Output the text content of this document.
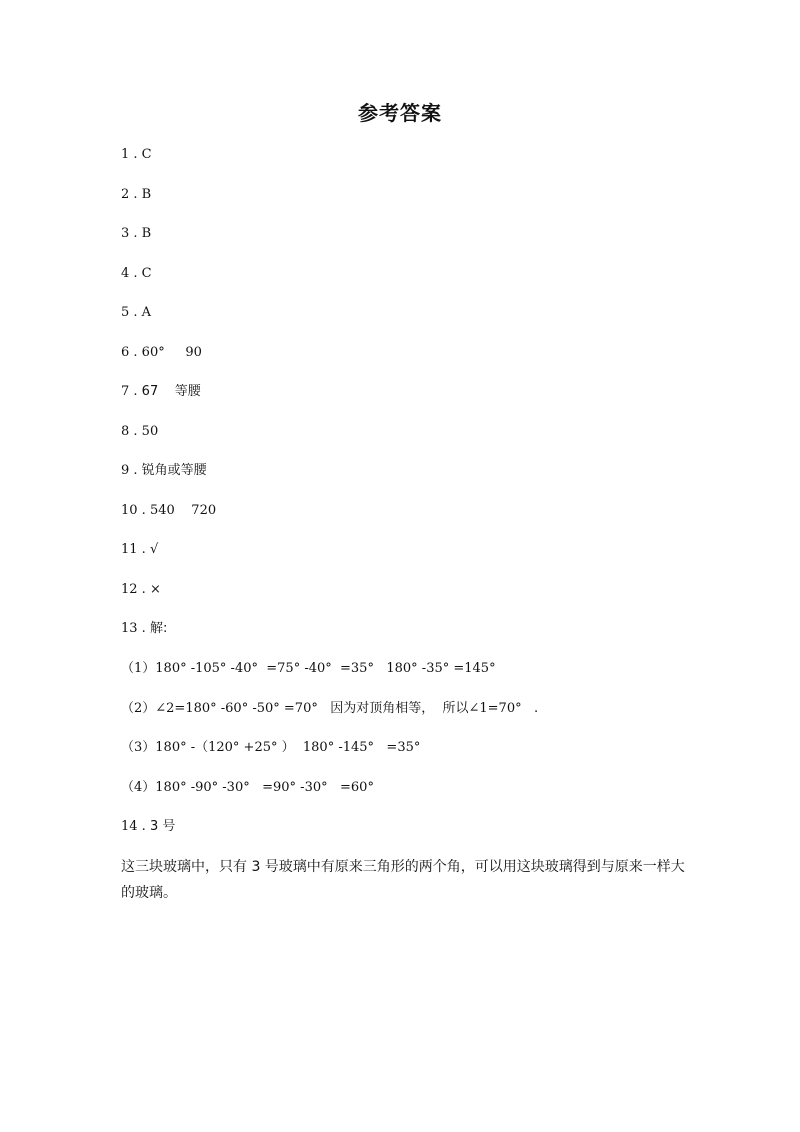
参考答案
1 . C
2 . B
3 . B
4 . C
5 . A
6 . 60°     90
7 . 67    等腰
8 . 50
9 . 锐角或等腰
10 . 540    720
11 . √
12 . ×
13 . 解:
（1）180° -105° -40°  =75° -40°  =35°   180° -35° =145°
（2）∠2=180° -60° -50° =70°   因为对顶角相等，  所以∠1=70°   .
（3）180° -（120° +25° ）  180° -145°   =35°
（4）180° -90° -30°   =90° -30°   =60°
14 . 3 号
这三块玻璃中，只有 3 号玻璃中有原来三角形的两个角，可以用这块玻璃得到与原来一样大的玻璃。
